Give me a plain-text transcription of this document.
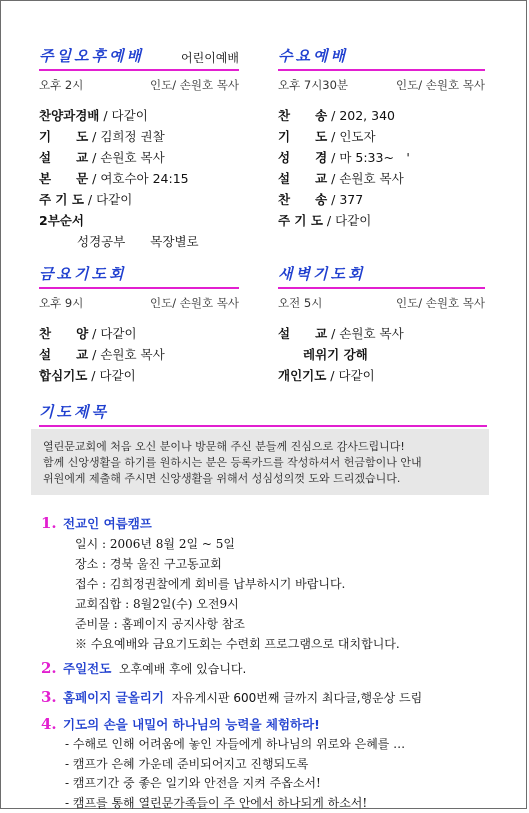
주일오후예배	어린이예배
오후 2시	인도/ 손원호 목사
찬양과경배 / 다같이
기　　도 / 김희정 권찰
설　　교 / 손원호 목사
본　　문 / 여호수아 24:15
주 기 도 / 다같이
2부순서
성경공부　　목장별로
수요예배
오후 7시30분	인도/ 손원호 목사
찬　　송 / 202, 340
기　　도 / 인도자
성　　경 / 마 5:33~　'
설　　교 / 손원호 목사
찬　　송 / 377
주 기 도 / 다같이
금요기도회
오후 9시	인도/ 손원호 목사
찬　　양 / 다같이
설　　교 / 손원호 목사
합심기도 / 다같이
새벽기도회
오전 5시	인도/ 손원호 목사
설　　교 / 손원호 목사
　　레위기 강해
개인기도 / 다같이
기도제목
열린문교회에 처음 오신 분이나 방문해 주신 분들께 진심으로 감사드립니다!
함께 신앙생활을 하기를 원하시는 분은 등록카드를 작성하셔서 헌금함이나 안내
위원에게 제출해 주시면 신앙생활을 위해서 성심성의껏 도와 드리겠습니다.
1. 전교인 여름캠프
일시 : 2006년 8월 2일 ~ 5일
장소 : 경북 울진 구고동교회
접수 : 김희정권찰에게 회비를 납부하시기 바랍니다.
교회집합 : 8월2일(수) 오전9시
준비물 : 홈페이지 공지사항 참조
※ 수요예배와 금요기도회는 수련회 프로그램으로 대치합니다.
2. 주일전도 오후예배 후에 있습니다.
3. 홈페이지 글올리기 자유게시판 600번째 글까지 최다글,행운상 드림
4. 기도의 손을 내밀어 하나님의 능력을 체험하라!
- 수해로 인해 어려움에 놓인 자들에게 하나님의 위로와 은혜를 …
- 캠프가 은혜 가운데 준비되어지고 진행되도록
- 캠프기간 중 좋은 일기와 안전을 지켜 주옵소서!
- 캠프를 통해 열린문가족들이 주 안에서 하나되게 하소서!
